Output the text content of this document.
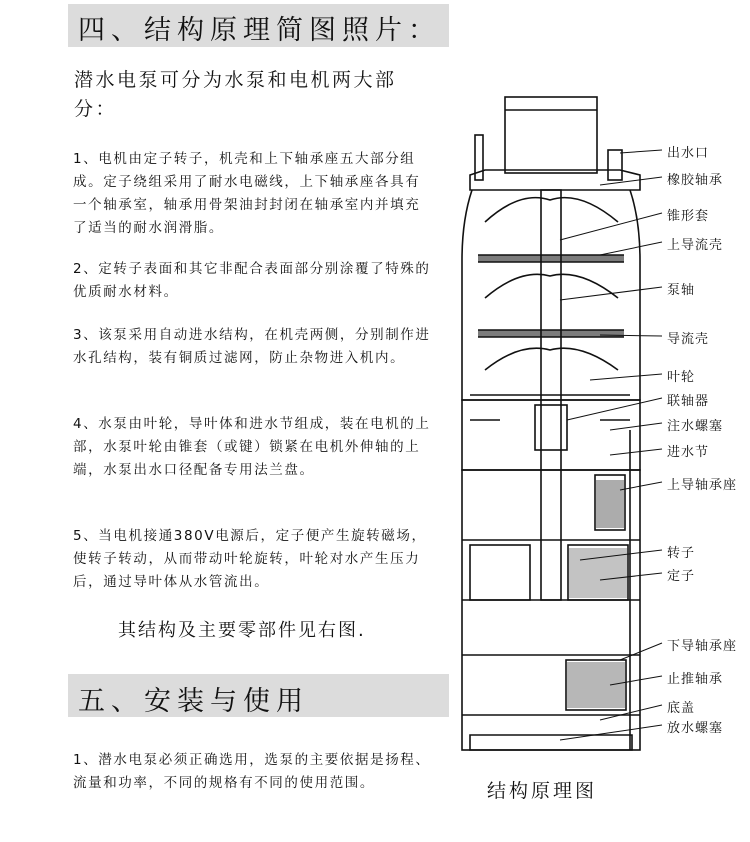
四、结构原理简图照片：
潜水电泵可分为水泵和电机两大部分：
1、电机由定子转子，机壳和上下轴承座五大部分组成。定子绕组采用了耐水电磁线，上下轴承座各具有一个轴承室，轴承用骨架油封封闭在轴承室内并填充了适当的耐水润滑脂。
2、定转子表面和其它非配合表面部分别涂覆了特殊的优质耐水材料。
3、该泵采用自动进水结构，在机壳两侧，分别制作进水孔结构，装有铜质过滤网，防止杂物进入机内。
4、水泵由叶轮，导叶体和进水节组成，装在电机的上部，水泵叶轮由锥套（或键）锁紧在电机外伸轴的上端，水泵出水口径配备专用法兰盘。
5、当电机接通380V电源后，定子便产生旋转磁场，使转子转动，从而带动叶轮旋转，叶轮对水产生压力后，通过导叶体从水管流出。
其结构及主要零部件见右图.
五、安装与使用
1、潜水电泵必须正确选用，选泵的主要依据是扬程、流量和功率，不同的规格有不同的使用范围。
出水口
橡胶轴承
锥形套
上导流壳
泵轴
导流壳
叶轮
联轴器
注水螺塞
进水节
上导轴承座
转子
定子
下导轴承座
止推轴承
底盖
放水螺塞
结构原理图
